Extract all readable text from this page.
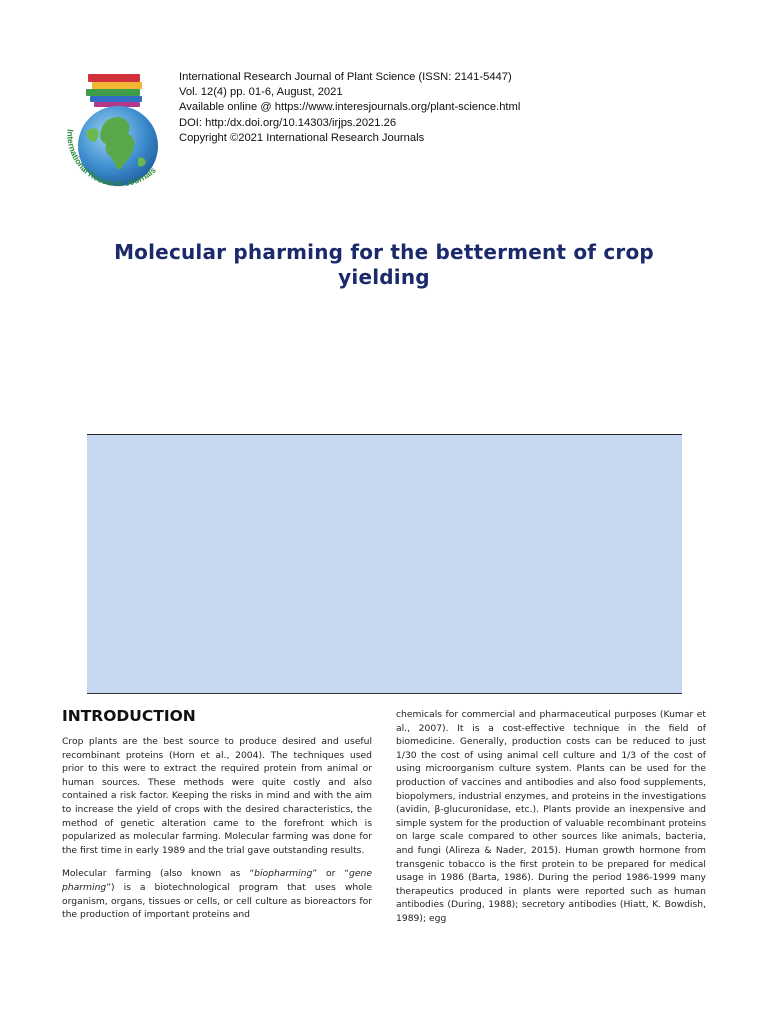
International Research Journals
International Research Journal of Plant Science (ISSN: 2141-5447)
Vol. 12(4) pp. 01-6, August, 2021
Available online @ https://www.interesjournals.org/plant-science.html
DOI: http:/dx.doi.org/10.14303/irjps.2021.26
Copyright ©2021 International Research Journals
Molecular pharming for the betterment of crop yielding
INTRODUCTION

Crop plants are the best source to produce desired and useful recombinant proteins (Horn et al., 2004). The techniques used prior to this were to extract the required protein from animal or human sources. These methods were quite costly and also contained a risk factor. Keeping the risks in mind and with the aim to increase the yield of crops with the desired characteristics, the method of genetic alteration came to the forefront which is popularized as molecular farming. Molecular farming was done for the first time in early 1989 and the trial gave outstanding results.

Molecular farming (also known as “biopharming” or “gene pharming”) is a biotechnological program that uses whole organism, organs, tissues or cells, or cell culture as bioreactors for the production of important proteins and

chemicals for commercial and pharmaceutical purposes (Kumar et al., 2007). It is a cost-effective technique in the field of biomedicine. Generally, production costs can be reduced to just 1/30 the cost of using animal cell culture and 1/3 of the cost of using microorganism culture system. Plants can be used for the production of vaccines and antibodies and also food supplements, biopolymers, industrial enzymes, and proteins in the investigations (avidin, β-glucuronidase, etc.). Plants provide an inexpensive and simple system for the production of valuable recombinant proteins on large scale compared to other sources like animals, bacteria, and fungi (Alireza & Nader, 2015). Human growth hormone from transgenic tobacco is the first protein to be prepared for medical usage in 1986 (Barta, 1986). During the period 1986-1999 many therapeutics produced in plants were reported such as human antibodies (During, 1988); secretory antibodies (Hiatt, K. Bowdish, 1989); egg
